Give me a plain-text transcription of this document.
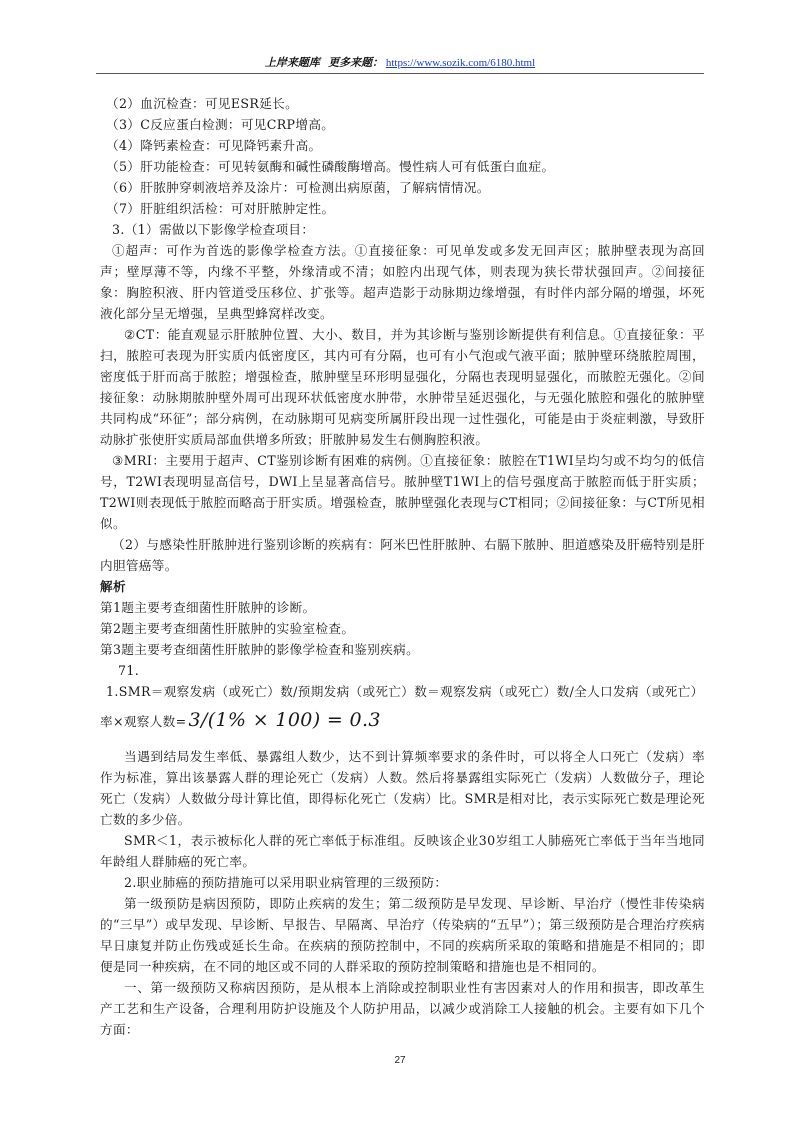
上岸来题库 更多来题： https://www.sozik.com/6180.html

（2）血沉检查：可见ESR延长。

（3）C反应蛋白检测：可见CRP增高。

（4）降钙素检查：可见降钙素升高。

（5）肝功能检查：可见转氨酶和碱性磷酸酶增高。慢性病人可有低蛋白血症。

（6）肝脓肿穿刺液培养及涂片：可检测出病原菌，了解病情情况。

（7）肝脏组织活检：可对肝脓肿定性。

3.（1）需做以下影像学检查项目：

①超声：可作为首选的影像学检查方法。①直接征象：可见单发或多发无回声区；脓肿壁表现为高回声；壁厚薄不等，内缘不平整，外缘清或不清；如腔内出现气体，则表现为狭长带状强回声。②间接征象：胸腔积液、肝内管道受压移位、扩张等。超声造影于动脉期边缘增强，有时伴内部分隔的增强，坏死液化部分呈无增强，呈典型蜂窝样改变。

②CT：能直观显示肝脓肿位置、大小、数目，并为其诊断与鉴别诊断提供有利信息。①直接征象：平扫，脓腔可表现为肝实质内低密度区，其内可有分隔，也可有小气泡或气液平面；脓肿壁环绕脓腔周围，密度低于肝而高于脓腔；增强检查，脓肿壁呈环形明显强化，分隔也表现明显强化，而脓腔无强化。②间接征象：动脉期脓肿壁外周可出现环状低密度水肿带，水肿带呈延迟强化，与无强化脓腔和强化的脓肿壁共同构成“环征”；部分病例，在动脉期可见病变所属肝段出现一过性强化，可能是由于炎症刺激，导致肝动脉扩张使肝实质局部血供增多所致；肝脓肿易发生右侧胸腔积液。

③MRI：主要用于超声、CT鉴别诊断有困难的病例。①直接征象：脓腔在T1WI呈均匀或不均匀的低信号，T2WI表现明显高信号，DWI上呈显著高信号。脓肿壁T1WI上的信号强度高于脓腔而低于肝实质；T2WI则表现低于脓腔而略高于肝实质。增强检查，脓肿壁强化表现与CT相同；②间接征象：与CT所见相似。

（2）与感染性肝脓肿进行鉴别诊断的疾病有：阿米巴性肝脓肿、右膈下脓肿、胆道感染及肝癌特别是肝内胆管癌等。

解析

第1题主要考查细菌性肝脓肿的诊断。

第2题主要考查细菌性肝脓肿的实验室检查。

第3题主要考查细菌性肝脓肿的影像学检查和鉴别疾病。

71.

1.SMR＝观察发病（或死亡）数/预期发病（或死亡）数＝观察发病（或死亡）数/全人口发病（或死亡）

率×观察人数= 3/(1% × 100) = 0.3

当遇到结局发生率低、暴露组人数少，达不到计算频率要求的条件时，可以将全人口死亡（发病）率作为标准，算出该暴露人群的理论死亡（发病）人数。然后将暴露组实际死亡（发病）人数做分子，理论死亡（发病）人数做分母计算比值，即得标化死亡（发病）比。SMR是相对比，表示实际死亡数是理论死亡数的多少倍。

SMR＜1，表示被标化人群的死亡率低于标准组。反映该企业30岁组工人肺癌死亡率低于当年当地同年龄组人群肺癌的死亡率。

2.职业肺癌的预防措施可以采用职业病管理的三级预防：

第一级预防是病因预防，即防止疾病的发生；第二级预防是早发现、早诊断、早治疗（慢性非传染病的“三早”）或早发现、早诊断、早报告、早隔离、早治疗（传染病的“五早”）；第三级预防是合理治疗疾病早日康复并防止伤残或延长生命。在疾病的预防控制中，不同的疾病所采取的策略和措施是不相同的；即便是同一种疾病，在不同的地区或不同的人群采取的预防控制策略和措施也是不相同的。

一、第一级预防又称病因预防，是从根本上消除或控制职业性有害因素对人的作用和损害，即改革生产工艺和生产设备，合理利用防护设施及个人防护用品，以减少或消除工人接触的机会。主要有如下几个方面：

27
